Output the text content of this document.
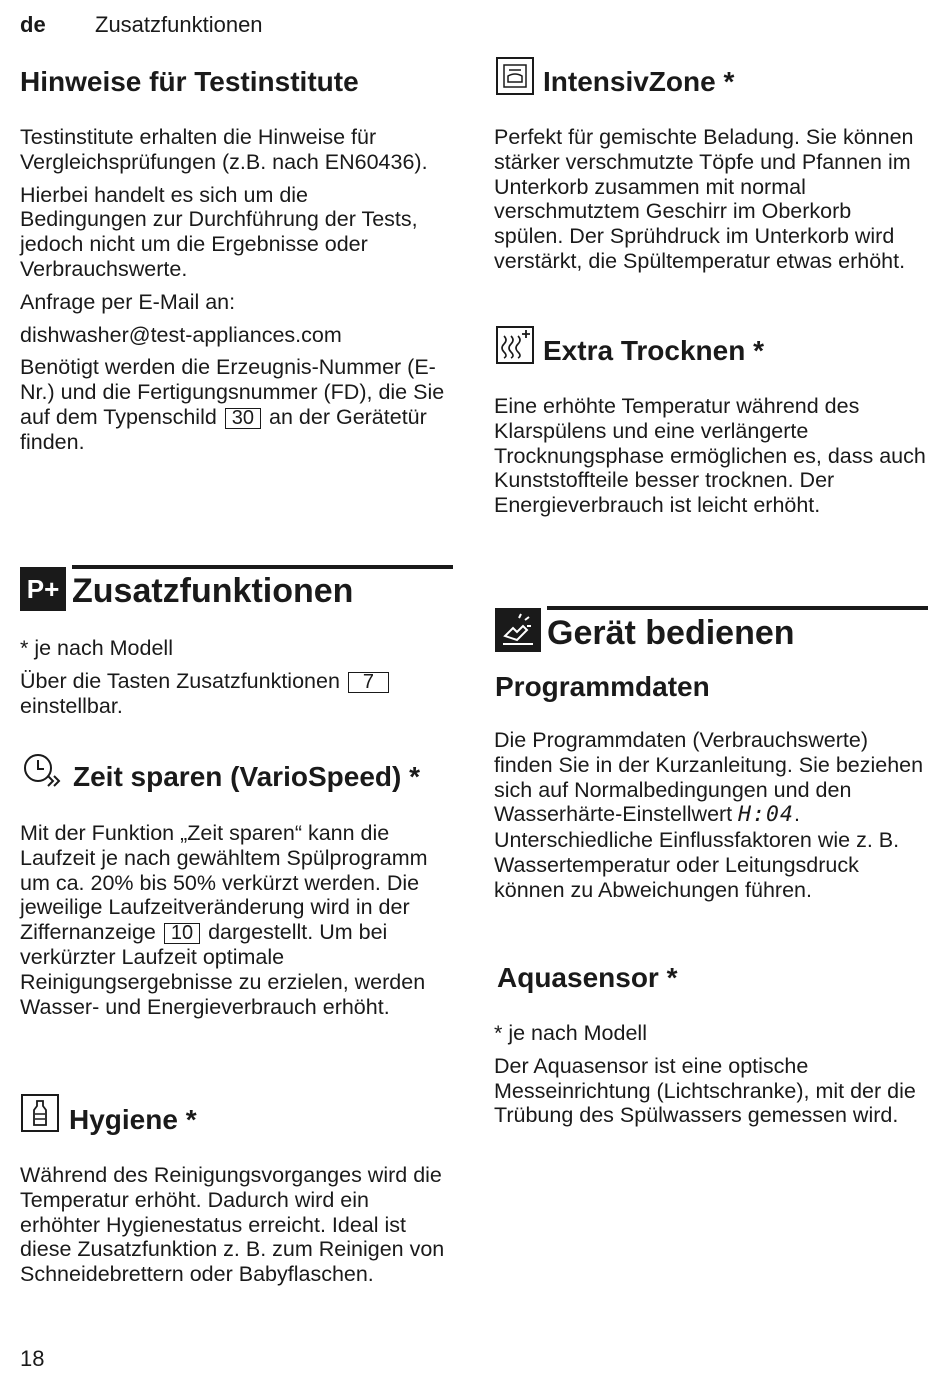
de Zusatzfunktionen
Hinweise für Testinstitute

Testinstitute erhalten die Hinweise für Vergleichsprüfungen (z.B. nach EN60436).

Hierbei handelt es sich um die Bedingungen zur Durchführung der Tests, jedoch nicht um die Ergebnisse oder Verbrauchswerte.

Anfrage per E-Mail an:

dishwasher@test-appliances.com

Benötigt werden die Erzeugnis-Nummer (E-Nr.) und die Fertigungsnummer (FD), die Sie auf dem Typenschild 30 an der Gerätetür finden.

P+ Zusatzfunktionen

* je nach Modell

Über die Tasten Zusatzfunktionen 7 einstellbar.

Zeit sparen (VarioSpeed) *

Mit der Funktion „Zeit sparen“ kann die Laufzeit je nach gewähltem Spülprogramm um ca. 20% bis 50% verkürzt werden. Die jeweilige Laufzeitveränderung wird in der Ziffernanzeige 10 dargestellt. Um bei verkürzter Laufzeit optimale Reinigungsergebnisse zu erzielen, werden Wasser- und Energieverbrauch erhöht.

Hygiene *

Während des Reinigungsvorganges wird die Temperatur erhöht. Dadurch wird ein erhöhter Hygienestatus erreicht. Ideal ist diese Zusatzfunktion z. B. zum Reinigen von Schneidebrettern oder Babyflaschen.

18
IntensivZone *

Perfekt für gemischte Beladung. Sie können stärker verschmutzte Töpfe und Pfannen im Unterkorb zusammen mit normal verschmutztem Geschirr im Oberkorb spülen. Der Sprühdruck im Unterkorb wird verstärkt, die Spültemperatur etwas erhöht.

Extra Trocknen *

Eine erhöhte Temperatur während des Klarspülens und eine verlängerte Trocknungsphase ermöglichen es, dass auch Kunststoffteile besser trocknen. Der Energieverbrauch ist leicht erhöht.

Gerät bedienen
Programmdaten

Die Programmdaten (Verbrauchswerte) finden Sie in der Kurzanleitung. Sie beziehen sich auf Normalbedingungen und den Wasserhärte-Einstellwert H:04. Unterschiedliche Einflussfaktoren wie z. B. Wassertemperatur oder Leitungsdruck können zu Abweichungen führen.

Aquasensor *

* je nach Modell

Der Aquasensor ist eine optische Messeinrichtung (Lichtschranke), mit der die Trübung des Spülwassers gemessen wird.
